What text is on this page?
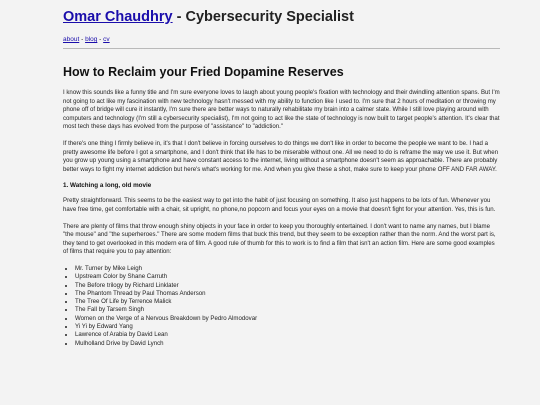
Omar Chaudhry - Cybersecurity Specialist
about - blog - cv
How to Reclaim your Fried Dopamine Reserves

I know this sounds like a funny title and I'm sure everyone loves to laugh about young people's fixation with technology and their dwindling attention spans. But I'm not going to act like my fascination with new technology hasn't messed with my ability to function like I used to. I'm sure that 2 hours of meditation or throwing my phone off of bridge will cure it instantly, I'm sure there are better ways to naturally rehabilitate my brain into a calmer state. While I still love playing around with computers and technology (I'm still a cybersecurity specialist), I'm not going to act like the state of technology is now built to target people's attention. It's clear that most tech these days has evolved from the purpose of "assistance" to "addiction."

If there's one thing I firmly believe in, it's that I don't believe in forcing ourselves to do things we don't like in order to become the people we want to be. I had a pretty awesome life before I got a smartphone, and I don't think that life has to be miserable without one. All we need to do is reframe the way we use it. But when you grow up young using a smartphone and have constant access to the internet, living without a smartphone doesn't seem as approachable. There are probably better ways to fight my internet addiction but here's what's working for me. And when you give these a shot, make sure to keep your phone OFF AND FAR AWAY.

1. Watching a long, old movie

Pretty straightforward. This seems to be the easiest way to get into the habit of just focusing on something. It also just happens to be lots of fun. Whenever you have free time, get comfortable with a chair, sit upright, no phone,no popcorn and focus your eyes on a movie that doesn't fight for your attention. Yes, this is fun.

There are plenty of films that throw enough shiny objects in your face in order to keep you thoroughly entertained. I don't want to name any names, but I blame "the mouse" and "the superheroes." There are some modern films that buck this trend, but they seem to be exception rather than the norm. And the worst part is, they tend to get overlooked in this modern era of film. A good rule of thumb for this to work is to find a film that isn't an action film. Here are some good examples of films that require you to pay attention:

• Mr. Turner by Mike Leigh
• Upstream Color by Shane Carruth
• The Before trilogy by Richard Linklater
• The Phantom Thread by Paul Thomas Anderson
• The Tree Of Life by Terrence Malick
• The Fall by Tarsem Singh
• Women on the Verge of a Nervous Breakdown by Pedro Almodovar
• Yi Yi by Edward Yang
• Lawrence of Arabia by David Lean
• Mulholland Drive by David Lynch
